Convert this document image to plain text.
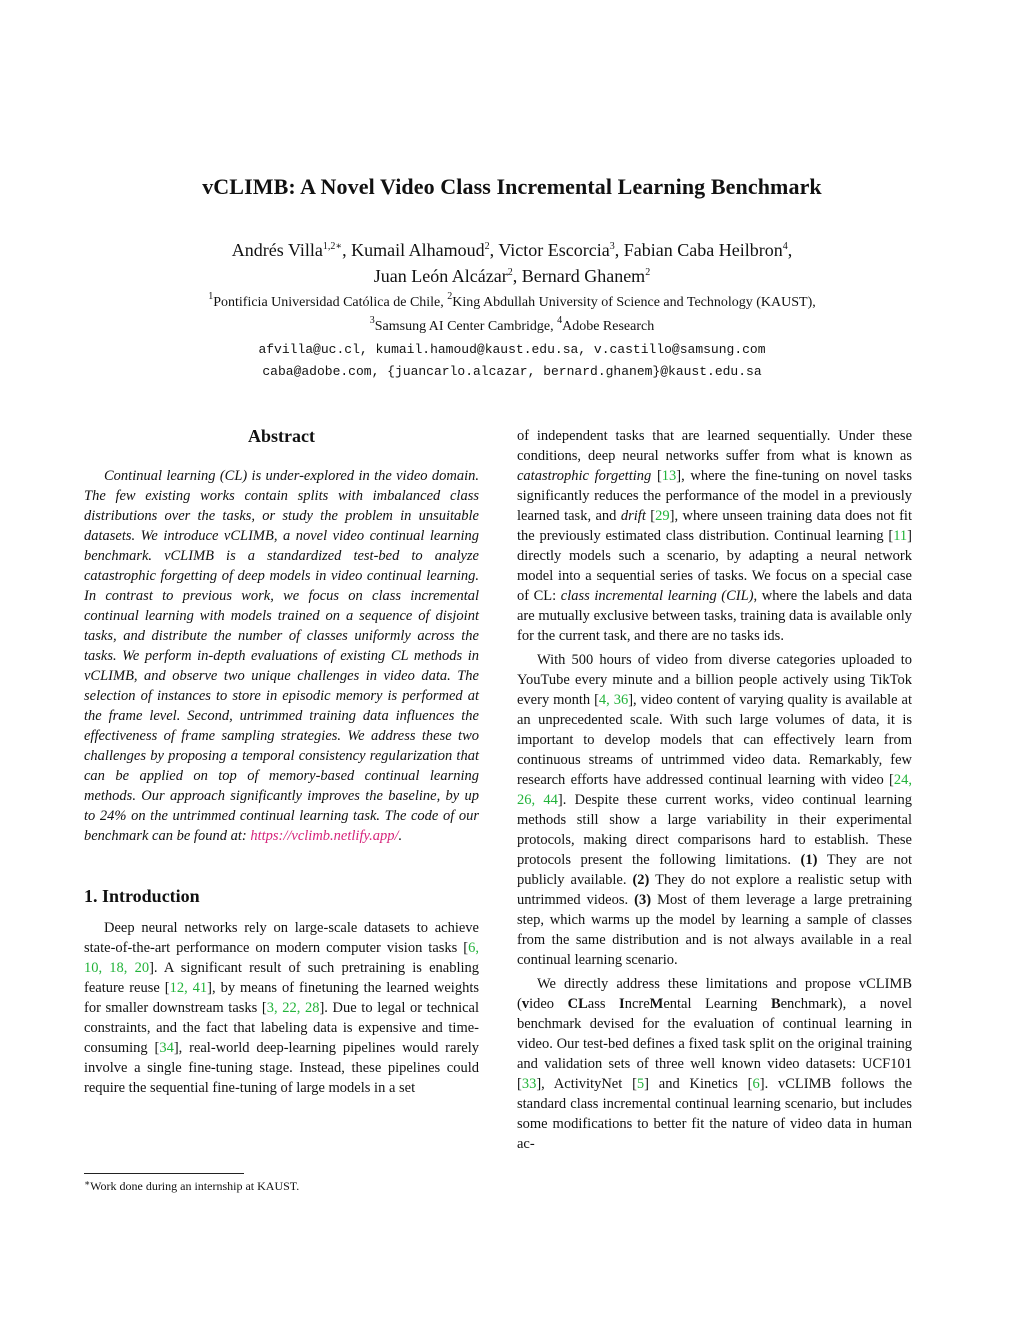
vCLIMB: A Novel Video Class Incremental Learning Benchmark
Andrés Villa$^{1,2∗}$, Kumail Alhamoud$^2$, Victor Escorcia$^3$, Fabian Caba Heilbron$^4$,
Juan León Alcázar$^2$, Bernard Ghanem$^2$
$^1$Pontificia Universidad Católica de Chile, $^2$King Abdullah University of Science and Technology (KAUST),
$^3$Samsung AI Center Cambridge, $^4$Adobe Research
afvilla@uc.cl, kumail.hamoud@kaust.edu.sa, v.castillo@samsung.com
caba@adobe.com, {juancarlo.alcazar, bernard.ghanem}@kaust.edu.sa
Abstract

Continual learning (CL) is under-explored in the video domain. The few existing works contain splits with imbalanced class distributions over the tasks, or study the problem in unsuitable datasets. We introduce vCLIMB, a novel video continual learning benchmark. vCLIMB is a standardized test-bed to analyze catastrophic forgetting of deep models in video continual learning. In contrast to previous work, we focus on class incremental continual learning with models trained on a sequence of disjoint tasks, and distribute the number of classes uniformly across the tasks. We perform in-depth evaluations of existing CL methods in vCLIMB, and observe two unique challenges in video data. The selection of instances to store in episodic memory is performed at the frame level. Second, untrimmed training data influences the effectiveness of frame sampling strategies. We address these two challenges by proposing a temporal consistency regularization that can be applied on top of memory-based continual learning methods. Our approach significantly improves the baseline, by up to 24% on the untrimmed continual learning task. The code of our benchmark can be found at: https://vclimb.netlify.app/.

1. Introduction

Deep neural networks rely on large-scale datasets to achieve state-of-the-art performance on modern computer vision tasks [6, 10, 18, 20]. A significant result of such pretraining is enabling feature reuse [12, 41], by means of finetuning the learned weights for smaller downstream tasks [3, 22, 28]. Due to legal or technical constraints, and the fact that labeling data is expensive and time-consuming [34], real-world deep-learning pipelines would rarely involve a single fine-tuning stage. Instead, these pipelines could require the sequential fine-tuning of large models in a set

of independent tasks that are learned sequentially. Under these conditions, deep neural networks suffer from what is known as catastrophic forgetting [13], where the fine-tuning on novel tasks significantly reduces the performance of the model in a previously learned task, and drift [29], where unseen training data does not fit the previously estimated class distribution. Continual learning [11] directly models such a scenario, by adapting a neural network model into a sequential series of tasks. We focus on a special case of CL: class incremental learning (CIL), where the labels and data are mutually exclusive between tasks, training data is available only for the current task, and there are no tasks ids.

With 500 hours of video from diverse categories uploaded to YouTube every minute and a billion people actively using TikTok every month [4, 36], video content of varying quality is available at an unprecedented scale. With such large volumes of data, it is important to develop models that can effectively learn from continuous streams of untrimmed video data. Remarkably, few research efforts have addressed continual learning with video [24, 26, 44]. Despite these current works, video continual learning methods still show a large variability in their experimental protocols, making direct comparisons hard to establish. These protocols present the following limitations. (1) They are not publicly available. (2) They do not explore a realistic setup with untrimmed videos. (3) Most of them leverage a large pretraining step, which warms up the model by learning a sample of classes from the same distribution and is not always available in a real continual learning scenario.

We directly address these limitations and propose vCLIMB (video CLass IncreMental Learning Benchmark), a novel benchmark devised for the evaluation of continual learning in video. Our test-bed defines a fixed task split on the original training and validation sets of three well known video datasets: UCF101 [33], ActivityNet [5] and Kinetics [6]. vCLIMB follows the standard class incremental continual learning scenario, but includes some modifications to better fit the nature of video data in human ac-

∗Work done during an internship at KAUST.
